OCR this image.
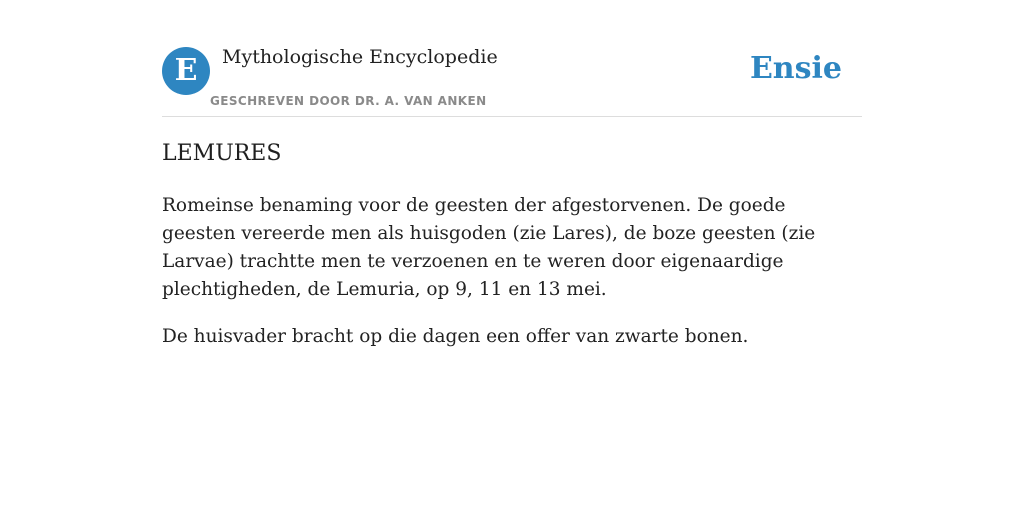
E Mythologische Encyclopedie
GESCHREVEN DOOR DR. A. VAN ANKEN
Ensie
LEMURES

Romeinse benaming voor de geesten der afgestorvenen. De goede geesten vereerde men als huisgoden (zie Lares), de boze geesten (zie Larvae) trachtte men te verzoenen en te weren door eigenaardige plechtigheden, de Lemuria, op 9, 11 en 13 mei.

De huisvader bracht op die dagen een offer van zwarte bonen.
